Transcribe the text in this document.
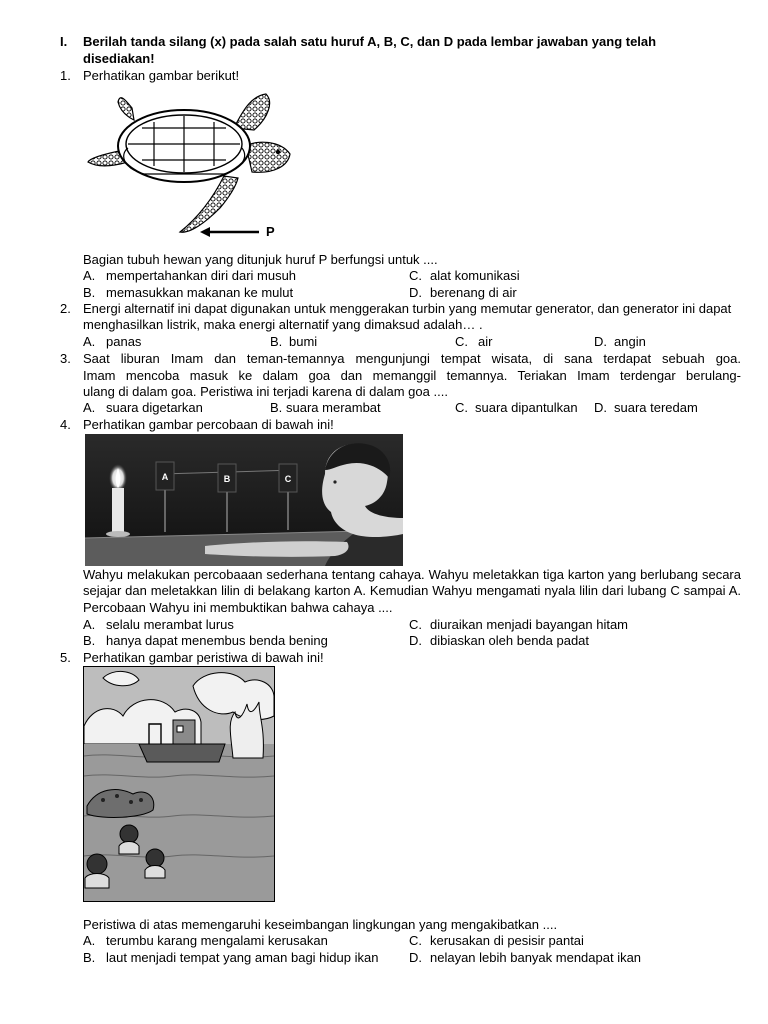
I. Berilah tanda silang (x) pada salah satu huruf A, B, C, dan D pada lembar jawaban yang telah
disediakan!
1. Perhatikan gambar berikut!
P
Bagian tubuh hewan yang ditunjuk huruf P berfungsi untuk ....
A. mempertahankan diri dari musuh	C. alat komunikasi
B. memasukkan makanan ke mulut	D. berenang di air
2. Energi alternatif ini dapat digunakan untuk menggerakan turbin yang memutar generator, dan generator ini dapat menghasilkan listrik, maka energi alternatif yang dimaksud adalah… .
A. panas	B. bumi	C. air	D. angin
3. Saat liburan Imam dan teman-temannya mengunjungi tempat wisata, di sana terdapat sebuah goa.
Imam mencoba masuk ke dalam goa dan memanggil temannya. Teriakan Imam terdengar berulang-
ulang di dalam goa. Peristiwa ini terjadi karena di dalam goa ....
A. suara digetarkan	B. suara merambat	C. suara dipantulkan D. suara teredam
4. Perhatikan gambar percobaan di bawah ini!
A	B	C
Wahyu melakukan percobaaan sederhana tentang cahaya. Wahyu meletakkan tiga karton yang berlubang secara sejajar dan meletakkan lilin di belakang karton A. Kemudian Wahyu mengamati nyala lilin dari lubang C sampai A. Percobaan Wahyu ini membuktikan bahwa cahaya ....
A. selalu merambat lurus	C. diuraikan menjadi bayangan hitam
B. hanya dapat menembus benda bening	D. dibiaskan oleh benda padat
5. Perhatikan gambar peristiwa di bawah ini!
Peristiwa di atas memengaruhi keseimbangan lingkungan yang mengakibatkan ....
A. terumbu karang mengalami kerusakan	C. kerusakan di pesisir pantai
B. laut menjadi tempat yang aman bagi hidup ikan D. nelayan lebih banyak mendapat ikan
